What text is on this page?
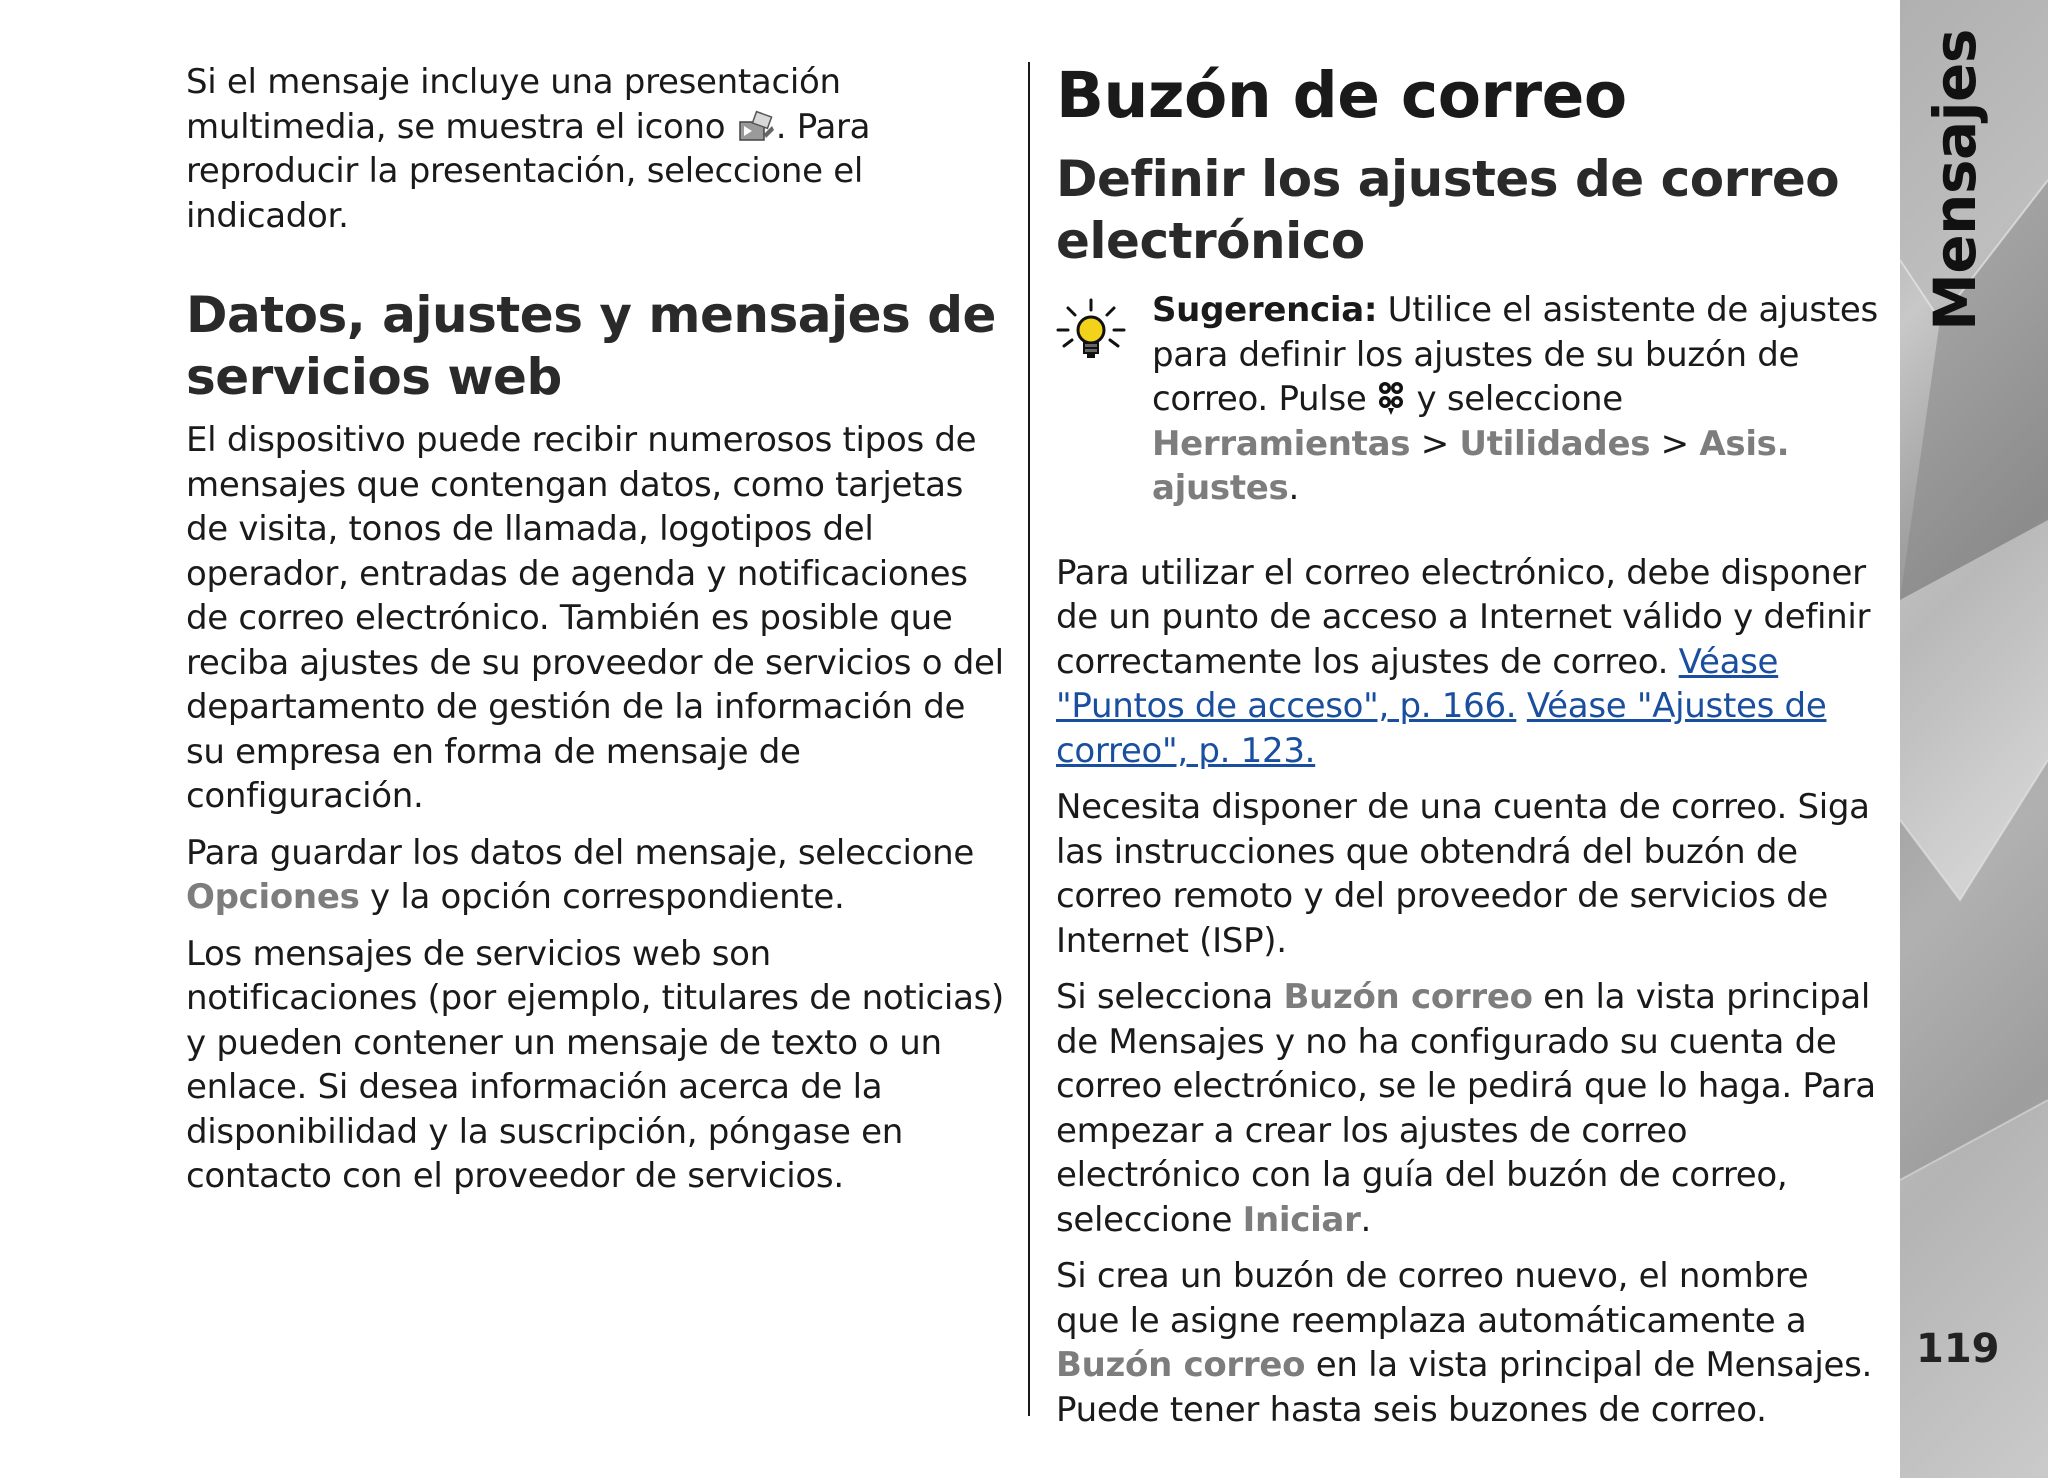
Si el mensaje incluye una presentación multimedia, se muestra el icono . Para reproducir la presentación, seleccione el indicador.

Datos, ajustes y mensajes de servicios web

El dispositivo puede recibir numerosos tipos de mensajes que contengan datos, como tarjetas de visita, tonos de llamada, logotipos del operador, entradas de agenda y notificaciones de correo electrónico. También es posible que reciba ajustes de su proveedor de servicios o del departamento de gestión de la información de su empresa en forma de mensaje de configuración.

Para guardar los datos del mensaje, seleccione Opciones y la opción correspondiente.

Los mensajes de servicios web son notificaciones (por ejemplo, titulares de noticias) y pueden contener un mensaje de texto o un enlace. Si desea información acerca de la disponibilidad y la suscripción, póngase en contacto con el proveedor de servicios.

Buzón de correo
Definir los ajustes de correo electrónico

Sugerencia: Utilice el asistente de ajustes para definir los ajustes de su buzón de correo. Pulse y seleccione Herramientas > Utilidades > Asis. ajustes.

Para utilizar el correo electrónico, debe disponer de un punto de acceso a Internet válido y definir correctamente los ajustes de correo. Véase "Puntos de acceso", p. 166. Véase "Ajustes de correo", p. 123.

Necesita disponer de una cuenta de correo. Siga las instrucciones que obtendrá del buzón de correo remoto y del proveedor de servicios de Internet (ISP).

Si selecciona Buzón correo en la vista principal de Mensajes y no ha configurado su cuenta de correo electrónico, se le pedirá que lo haga. Para empezar a crear los ajustes de correo electrónico con la guía del buzón de correo, seleccione Iniciar.

Si crea un buzón de correo nuevo, el nombre que le asigne reemplaza automáticamente a Buzón correo en la vista principal de Mensajes. Puede tener hasta seis buzones de correo.

Mensajes
119
